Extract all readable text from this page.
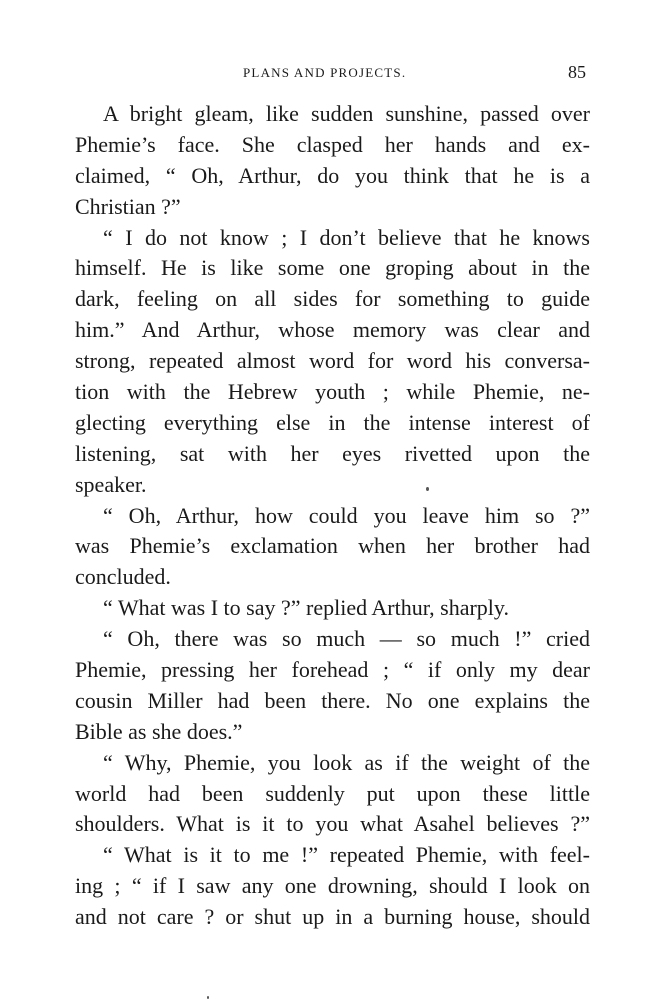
PLANS AND PROJECTS.	85
A bright gleam, like sudden sunshine, passed over
Phemie’s face. She clasped her hands and ex-
claimed, “ Oh, Arthur, do you think that he is a
Christian ?”
“ I do not know ; I don’t believe that he knows
himself. He is like some one groping about in the
dark, feeling on all sides for something to guide
him.” And Arthur, whose memory was clear and
strong, repeated almost word for word his conversa-
tion with the Hebrew youth ; while Phemie, ne-
glecting everything else in the intense interest of
listening, sat with her eyes rivetted upon the
speaker.
“ Oh, Arthur, how could you leave him so ?”
was Phemie’s exclamation when her brother had
concluded.
“ What was I to say ?” replied Arthur, sharply.
“ Oh, there was so much — so much !” cried
Phemie, pressing her forehead ; “ if only my dear
cousin Miller had been there. No one explains the
Bible as she does.”
“ Why, Phemie, you look as if the weight of the
world had been suddenly put upon these little
shoulders. What is it to you what Asahel believes ?”
“ What is it to me !” repeated Phemie, with feel-
ing ; “ if I saw any one drowning, should I look on
and not care ? or shut up in a burning house, should
